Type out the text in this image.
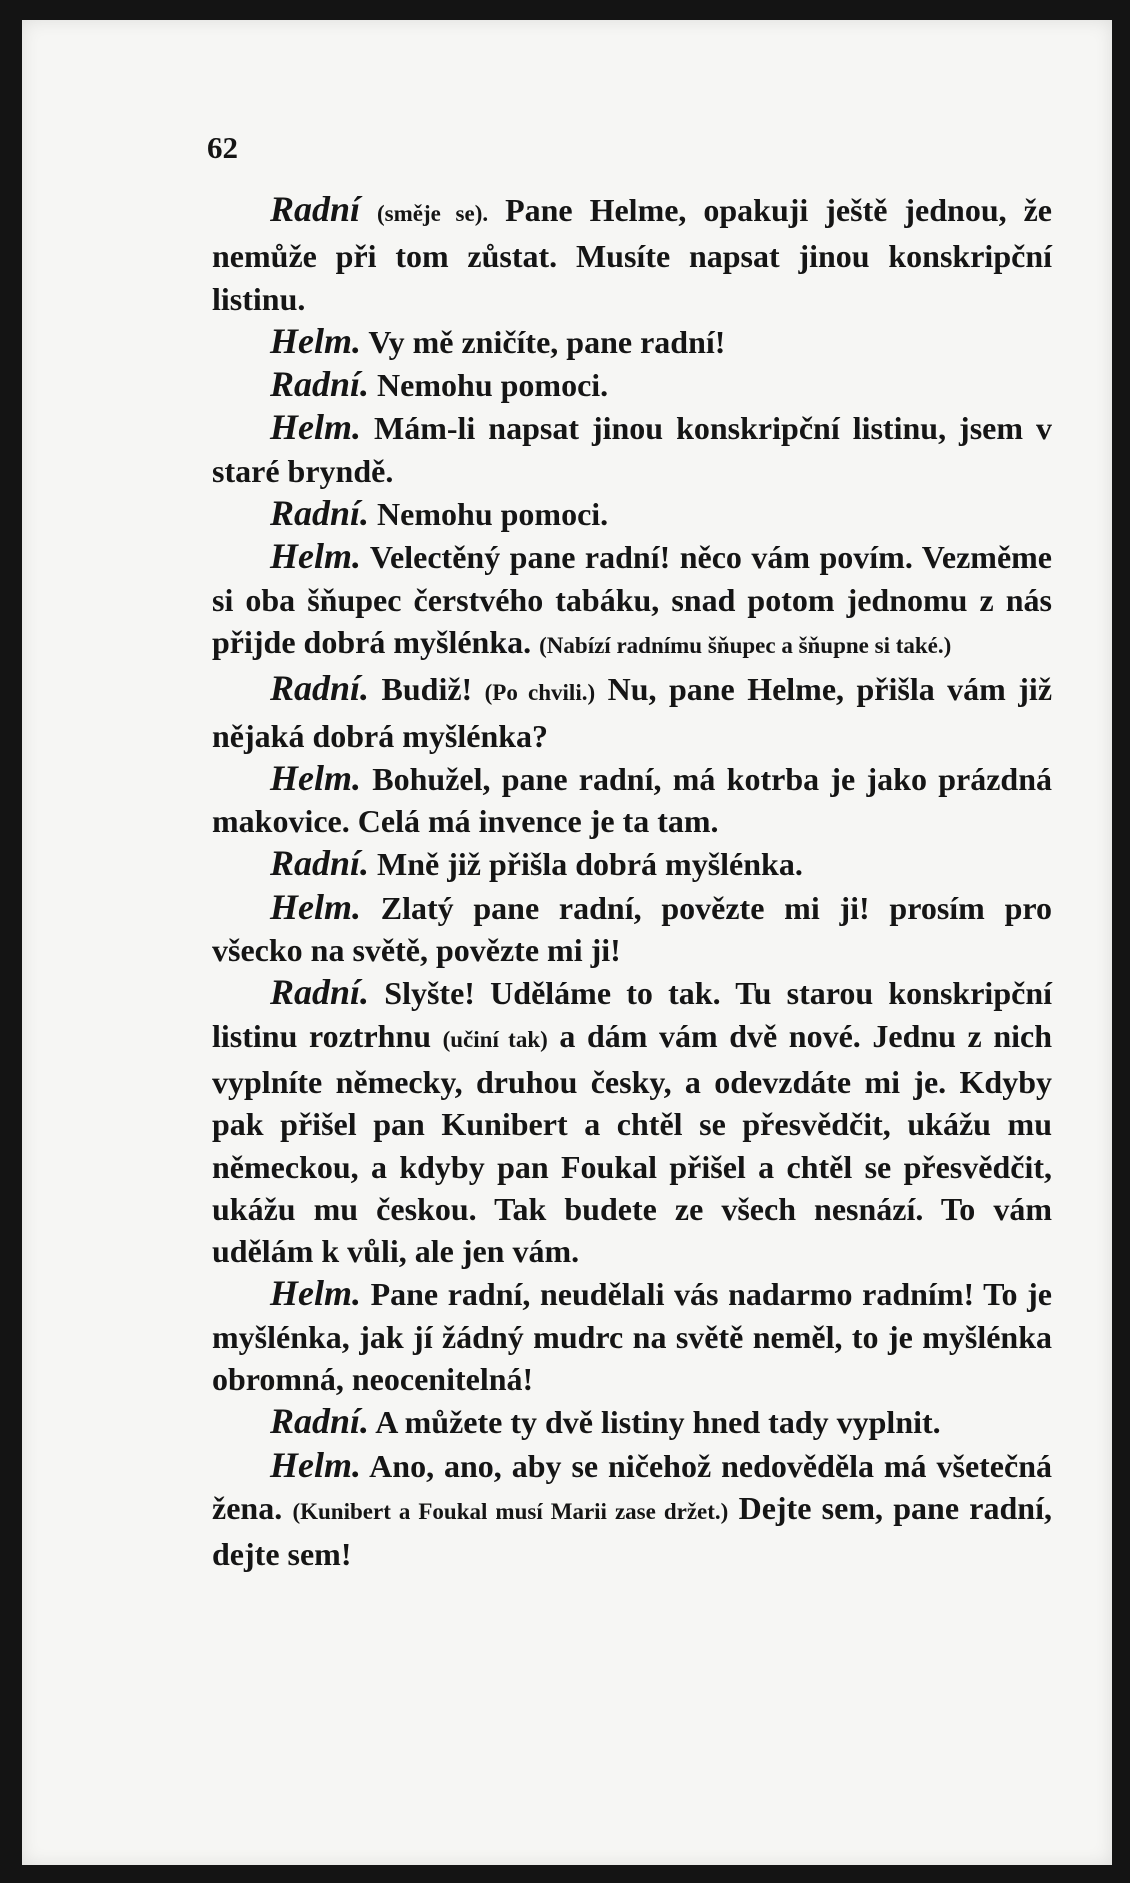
62

Radní (směje se). Pane Helme, opakuji ještě jednou, že nemůže při tom zůstat. Musíte napsat jinou konskripční listinu.

Helm. Vy mě zničíte, pane radní!

Radní. Nemohu pomoci.

Helm. Mám-li napsat jinou konskripční listinu, jsem v staré bryndě.

Radní. Nemohu pomoci.

Helm. Velectěný pane radní! něco vám povím. Vezměme si oba šňupec čerstvého tabáku, snad potom jednomu z nás přijde dobrá myšlénka. (Nabízí radnímu šňupec a šňupne si také.)

Radní. Budiž! (Po chvili.) Nu, pane Helme, přišla vám již nějaká dobrá myšlénka?

Helm. Bohužel, pane radní, má kotrba je jako prázdná makovice. Celá má invence je ta tam.

Radní. Mně již přišla dobrá myšlénka.

Helm. Zlatý pane radní, povězte mi ji! prosím pro všecko na světě, povězte mi ji!

Radní. Slyšte! Uděláme to tak. Tu starou konskripční listinu roztrhnu (učiní tak) a dám vám dvě nové. Jednu z nich vyplníte německy, druhou česky, a odevzdáte mi je. Kdyby pak přišel pan Kunibert a chtěl se přesvědčit, ukážu mu německou, a kdyby pan Foukal přišel a chtěl se přesvědčit, ukážu mu českou. Tak budete ze všech nesnází. To vám udělám k vůli, ale jen vám.

Helm. Pane radní, neudělali vás nadarmo radním! To je myšlénka, jak jí žádný mudrc na světě neměl, to je myšlénka obromná, neocenitelná!

Radní. A můžete ty dvě listiny hned tady vyplnit.

Helm. Ano, ano, aby se ničehož nedověděla má všetečná žena. (Kunibert a Foukal musí Marii zase držet.) Dejte sem, pane radní, dejte sem!
